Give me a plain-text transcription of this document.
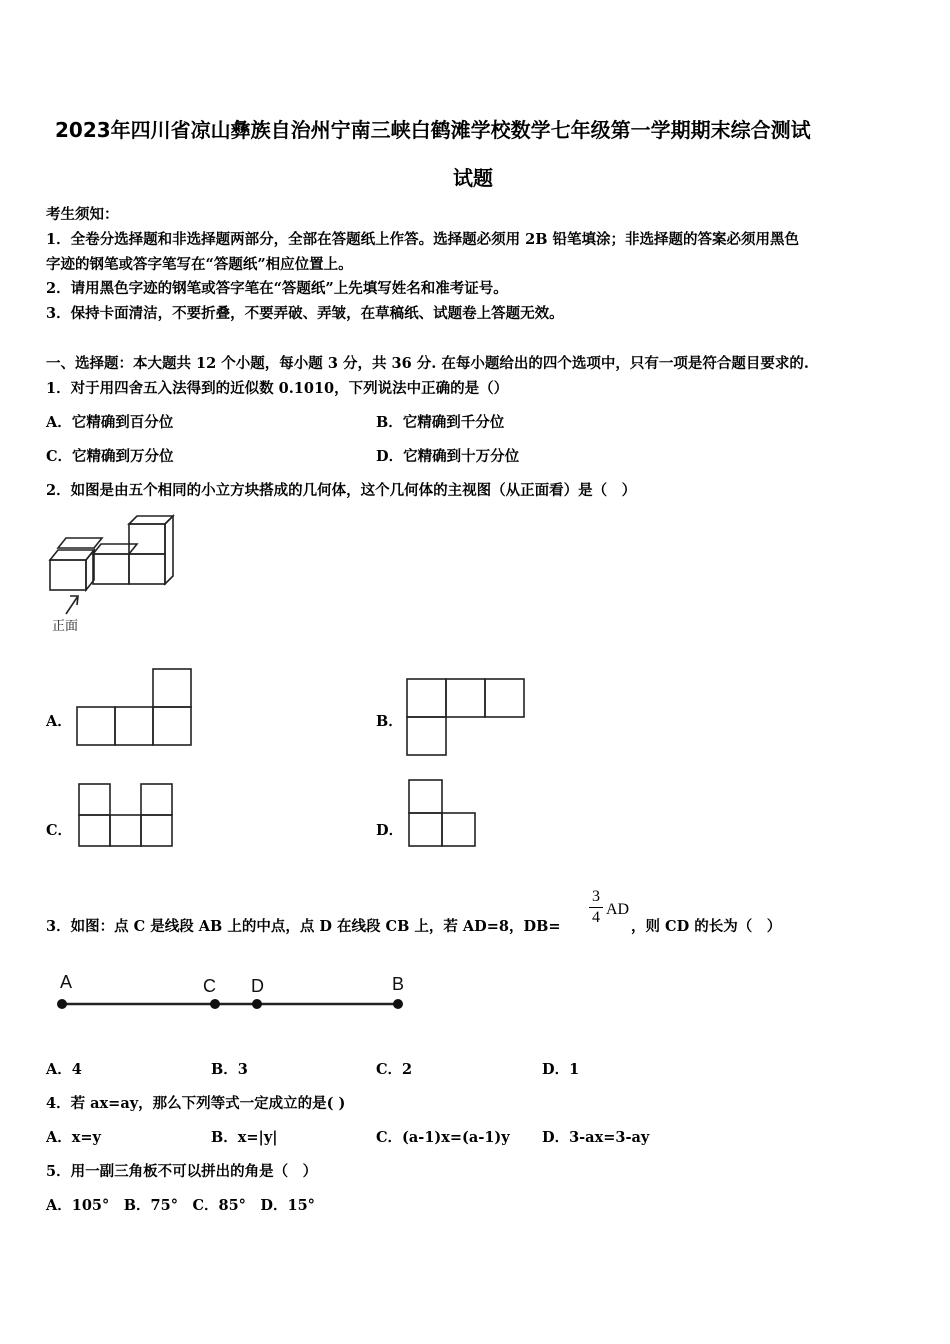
2023年四川省凉山彝族自治州宁南三峡白鹤滩学校数学七年级第一学期期末综合测试
试题
考生须知：
1．全卷分选择题和非选择题两部分，全部在答题纸上作答。选择题必须用 2B 铅笔填涂；非选择题的答案必须用黑色
字迹的钢笔或答字笔写在“答题纸”相应位置上。
2．请用黑色字迹的钢笔或答字笔在“答题纸”上先填写姓名和准考证号。
3．保持卡面清洁，不要折叠，不要弄破、弄皱，在草稿纸、试题卷上答题无效。
一、选择题：本大题共 12 个小题，每小题 3 分，共 36 分. 在每小题给出的四个选项中，只有一项是符合题目要求的.
1．对于用四舍五入法得到的近似数 0.1010，下列说法中正确的是（）
A．它精确到百分位	B．它精确到千分位
C．它精确到万分位	D．它精确到十万分位
2．如图是由五个相同的小立方块搭成的几何体，这个几何体的主视图（从正面看）是（　）
正面
A．	B．
C．	D．
3．如图：点 C 是线段 AB 上的中点，点 D 在线段 CB 上，若 AD=8，DB=
3
4 AD
，则 CD 的长为（　）
A	C D	B
A．4	B．3	C．2	D．1
4．若 ax=ay，那么下列等式一定成立的是( )
A．x=y	B．x=|y|	C．(a-1)x=(a-1)y D．3-ax=3-ay
5．用一副三角板不可以拼出的角是（　）
A．105°　B．75°　C．85°　D．15°
